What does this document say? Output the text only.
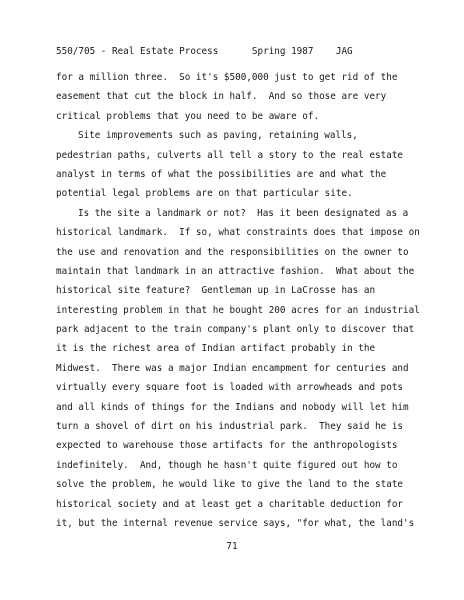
550/705 - Real Estate Process      Spring 1987    JAG
for a million three.  So it's $500,000 just to get rid of the
easement that cut the block in half.  And so those are very
critical problems that you need to be aware of.
Site improvements such as paving, retaining walls,
pedestrian paths, culverts all tell a story to the real estate
analyst in terms of what the possibilities are and what the
potential legal problems are on that particular site.
Is the site a landmark or not?  Has it been designated as a
historical landmark.  If so, what constraints does that impose on
the use and renovation and the responsibilities on the owner to
maintain that landmark in an attractive fashion.  What about the
historical site feature?  Gentleman up in LaCrosse has an
interesting problem in that he bought 200 acres for an industrial
park adjacent to the train company's plant only to discover that
it is the richest area of Indian artifact probably in the
Midwest.  There was a major Indian encampment for centuries and
virtually every square foot is loaded with arrowheads and pots
and all kinds of things for the Indians and nobody will let him
turn a shovel of dirt on his industrial park.  They said he is
expected to warehouse those artifacts for the anthropologists
indefinitely.  And, though he hasn't quite figured out how to
solve the problem, he would like to give the land to the state
historical society and at least get a charitable deduction for
it, but the internal revenue service says, "for what, the land's
71
